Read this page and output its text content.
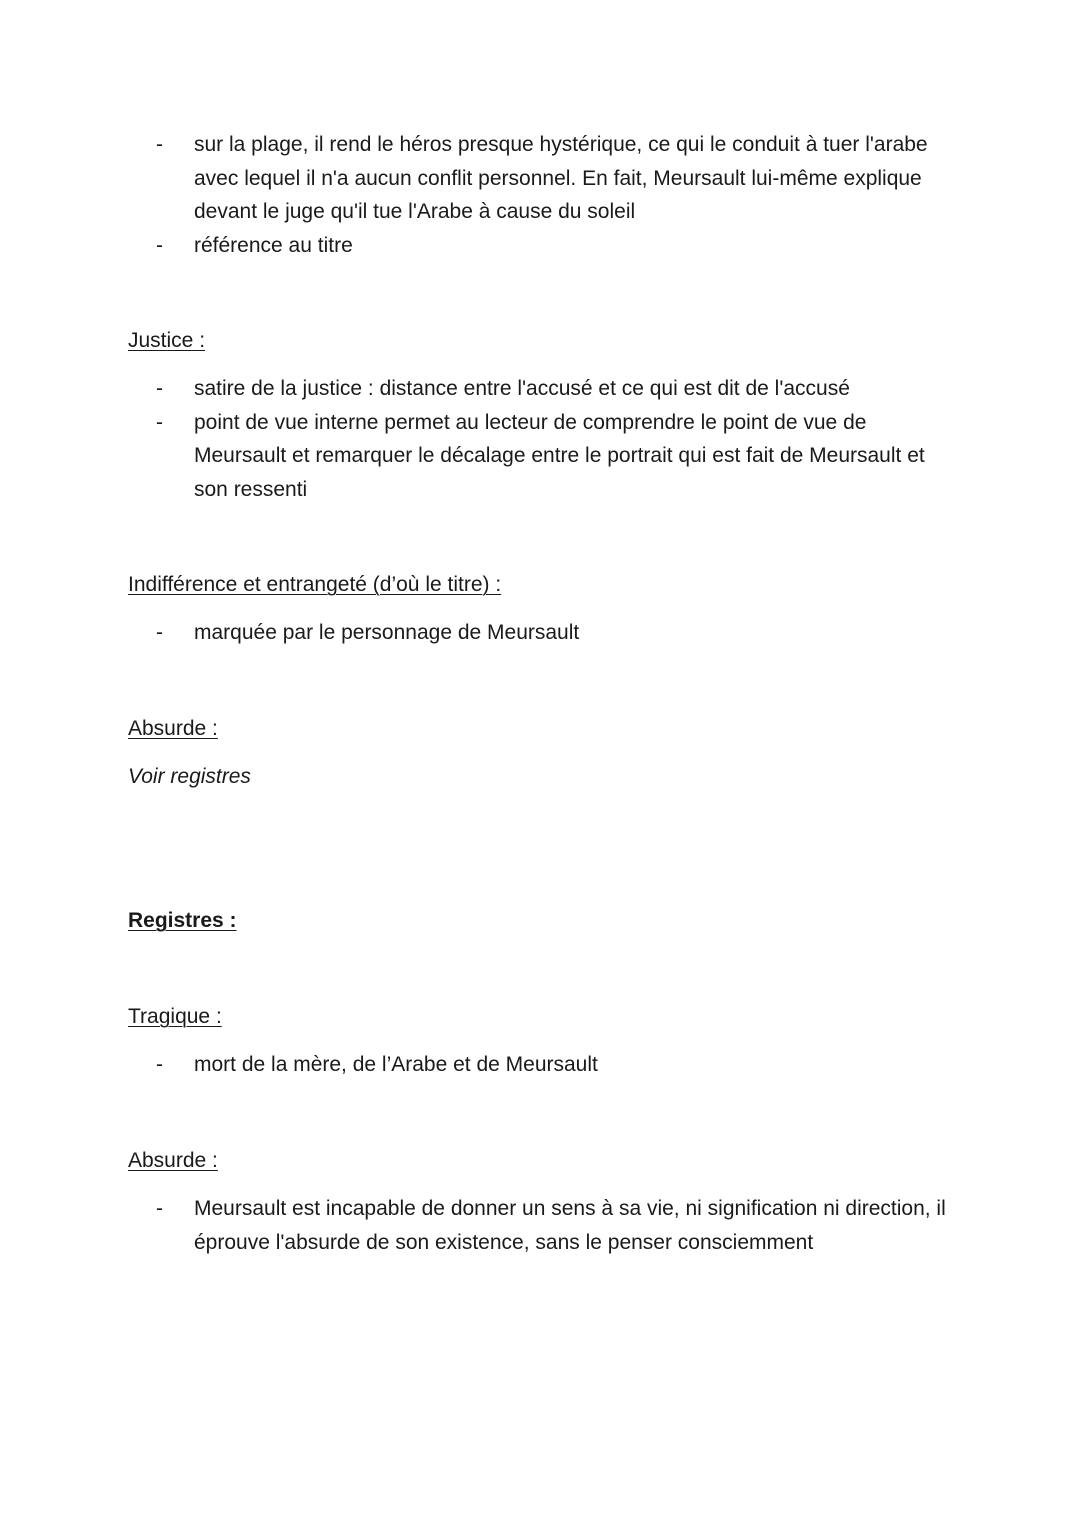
- sur la plage, il rend le héros presque hystérique, ce qui le conduit à tuer l'arabe avec lequel il n'a aucun conflit personnel. En fait, Meursault lui-même explique devant le juge qu'il tue l'Arabe à cause du soleil
- référence au titre
Justice :
- satire de la justice : distance entre l'accusé et ce qui est dit de l'accusé
- point de vue interne permet au lecteur de comprendre le point de vue de Meursault et remarquer le décalage entre le portrait qui est fait de Meursault et son ressenti
Indifférence et entrangeté (d’où le titre) :
- marquée par le personnage de Meursault
Absurde :
Voir registres
Registres :
Tragique :
- mort de la mère, de l’Arabe et de Meursault
Absurde :
- Meursault est incapable de donner un sens à sa vie, ni signification ni direction, il éprouve l'absurde de son existence, sans le penser consciemment
